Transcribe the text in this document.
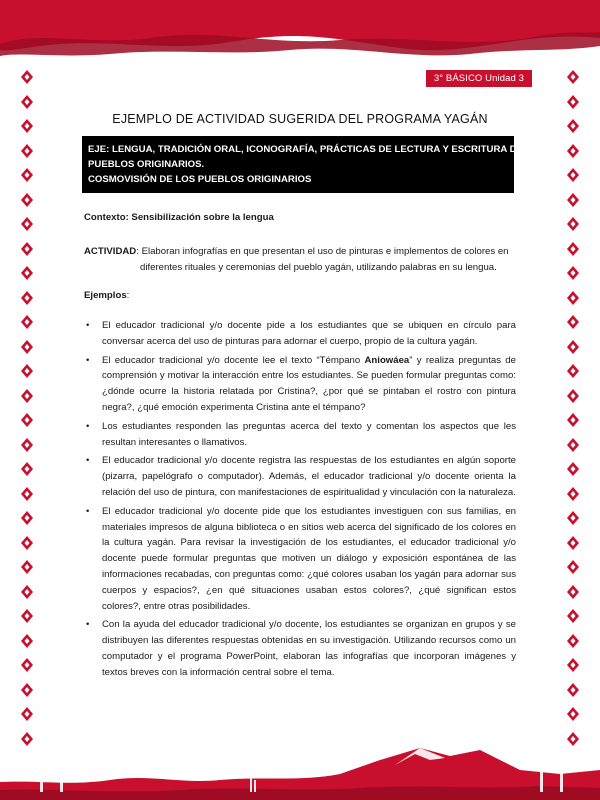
3° BÁSICO Unidad 3
EJEMPLO DE ACTIVIDAD SUGERIDA DEL PROGRAMA YAGÁN
EJE: LENGUA, TRADICIÓN ORAL, ICONOGRAFÍA, PRÁCTICAS DE LECTURA Y ESCRITURA DE LOS
PUEBLOS ORIGINARIOS.
COSMOVISIÓN DE LOS PUEBLOS ORIGINARIOS
Contexto: Sensibilización sobre la lengua
ACTIVIDAD: Elaboran infografías en que presentan el uso de pinturas e implementos de colores en
diferentes rituales y ceremonias del pueblo yagán, utilizando palabras en su lengua.
Ejemplos:
• El educador tradicional y/o docente pide a los estudiantes que se ubiquen en círculo para conversar acerca del uso de pinturas para adornar el cuerpo, propio de la cultura yagán.
• El educador tradicional y/o docente lee el texto “Témpano Aniowáea” y realiza preguntas de comprensión y motivar la interacción entre los estudiantes. Se pueden formular preguntas como: ¿dónde ocurre la historia relatada por Cristina?, ¿por qué se pintaban el rostro con pintura negra?, ¿qué emoción experimenta Cristina ante el témpano?
• Los estudiantes responden las preguntas acerca del texto y comentan los aspectos que les resultan interesantes o llamativos.
• El educador tradicional y/o docente registra las respuestas de los estudiantes en algún soporte (pizarra, papelógrafo o computador). Además, el educador tradicional y/o docente orienta la relación del uso de pintura, con manifestaciones de espiritualidad y vinculación con la naturaleza.
• El educador tradicional y/o docente pide que los estudiantes investiguen con sus familias, en materiales impresos de alguna biblioteca o en sitios web acerca del significado de los colores en la cultura yagán. Para revisar la investigación de los estudiantes, el educador tradicional y/o docente puede formular preguntas que motiven un diálogo y exposición espontánea de las informaciones recabadas, con preguntas como: ¿qué colores usaban los yagán para adornar sus cuerpos y espacios?, ¿en qué situaciones usaban estos colores?, ¿qué significan estos colores?, entre otras posibilidades.
• Con la ayuda del educador tradicional y/o docente, los estudiantes se organizan en grupos y se distribuyen las diferentes respuestas obtenidas en su investigación. Utilizando recursos como un computador y el programa PowerPoint, elaboran las infografías que incorporan imágenes y textos breves con la información central sobre el tema.
